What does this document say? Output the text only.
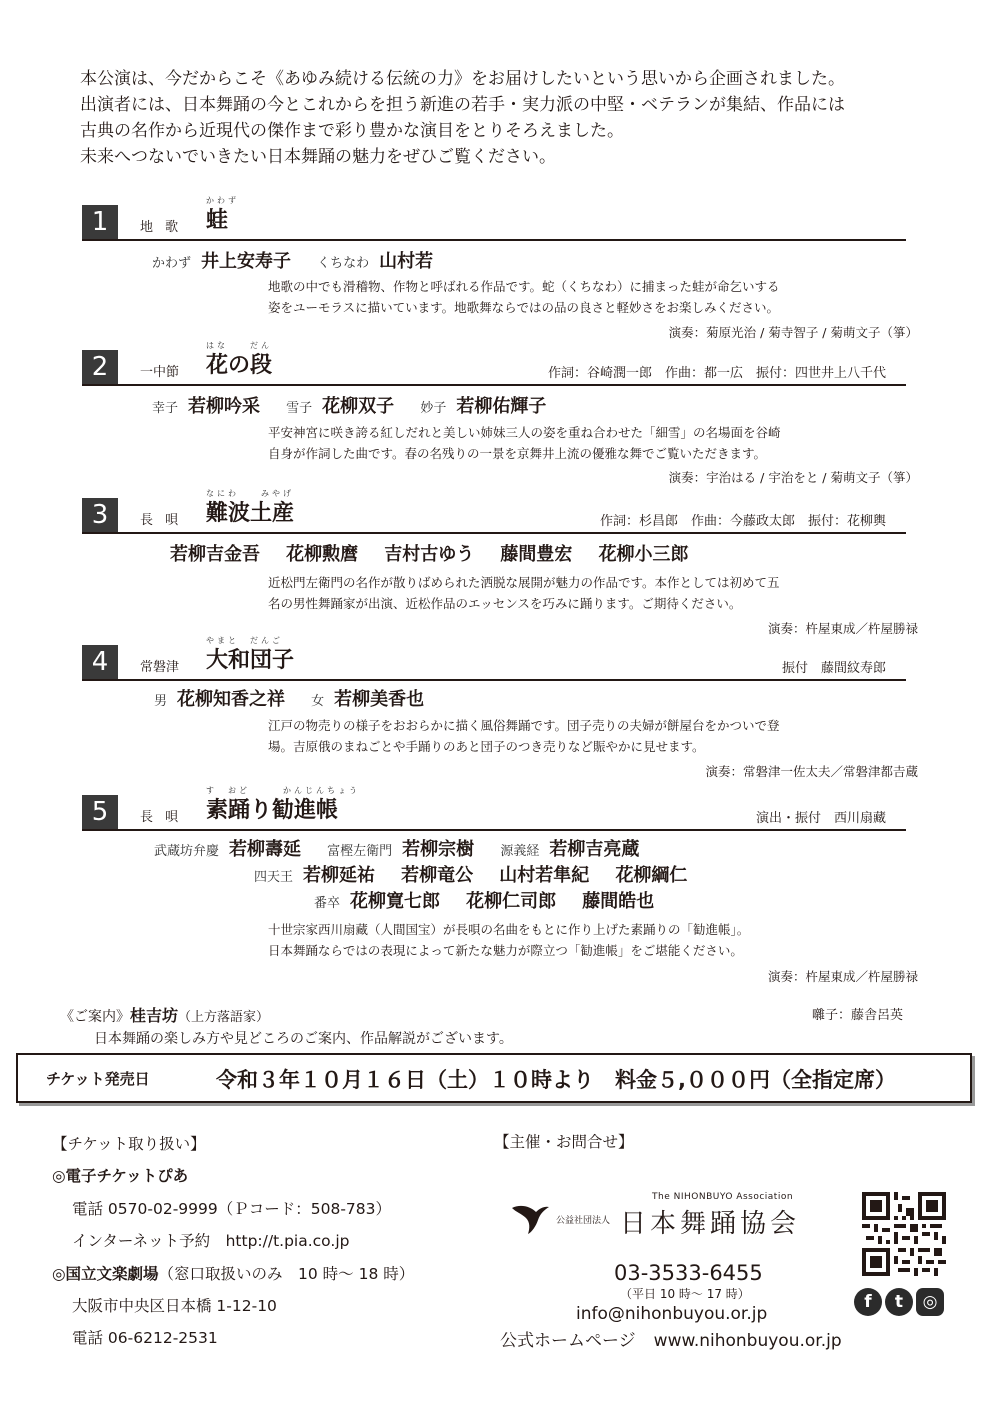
本公演は、今だからこそ《あゆみ続ける伝統の力》をお届けしたいという思いから企画されました。
出演者には、日本舞踊の今とこれからを担う新進の若手・実力派の中堅・ベテランが集結、作品には
古典の名作から近現代の傑作まで彩り豊かな演目をとりそろえました。
未来へつないでいきたい日本舞踊の魅力をぜひご覧ください。
1	地 歌
かわず
蛙
かわず 井上安寿子 くちなわ 山村若
地歌の中でも滑稽物、作物と呼ばれる作品です。蛇（くちなわ）に捕まった蛙が命乞いする
姿をユーモラスに描いています。地歌舞ならではの品の良さと軽妙さをお楽しみください。
演奏：菊原光治 / 菊寺智子 / 菊萌文子（箏）
2	一中節
はな　　だん
花の段	作詞：谷崎潤一郎　作曲：都一広　振付：四世井上八千代
幸子 若柳吟采 雪子 花柳双子 妙子 若柳佑輝子
平安神宮に咲き誇る紅しだれと美しい姉妹三人の姿を重ね合わせた「細雪」の名場面を谷崎
自身が作詞した曲です。春の名残りの一景を京舞井上流の優雅な舞でご覧いただきます。
演奏：宇治はる / 宇治をと / 菊萌文子（箏）
3	長 唄
なにわ　　みやげ
難波土産	作詞：杉昌郎　作曲：今藤政太郎　振付：花柳輿
若柳吉金吾 花柳勲麿 吉村古ゆう 藤間豊宏 花柳小三郎
近松門左衛門の名作が散りばめられた洒脱な展開が魅力の作品です。本作としては初めて五
名の男性舞踊家が出演、近松作品のエッセンスを巧みに踊ります。ご期待ください。
演奏：杵屋東成／杵屋勝禄
4	常磐津
やまと　だんご
大和団子	振付　藤間紋寿郎
男 花柳知香之祥 女 若柳美香也
江戸の物売りの様子をおおらかに描く風俗舞踊です。団子売りの夫婦が餅屋台をかついで登
場。吉原俄のまねごとや手踊りのあと団子のつき売りなど賑やかに見せます。
演奏：常磐津一佐太夫／常磐津都𠮷蔵
5	長 唄
す　おど　　　かんじんちょう
素踊り勧進帳	演出・振付　西川扇藏
武蔵坊弁慶 若柳壽延 富樫左衛門 若柳宗樹 源義経 若柳吉亮蔵
四天王 若柳延祐 若柳竜公 山村若隼紀 花柳綱仁
番卒 花柳寛七郎 花柳仁司郎 藤間皓也
十世宗家西川扇藏（人間国宝）が長唄の名曲をもとに作り上げた素踊りの「勧進帳」。
日本舞踊ならではの表現によって新たな魅力が際立つ「勧進帳」をご堪能ください。
演奏：杵屋東成／杵屋勝禄
《ご案内》桂吉坊（上方落語家）	囃子：藤舎呂英
日本舞踊の楽しみ方や見どころのご案内、作品解説がございます。
チケット発売日	令和３年１０月１６日（土）１０時より　料金５,０００円（全指定席）
【チケット取り扱い】
◎電子チケットぴあ
電話 0570-02-9999（Ｐコード：508-783）
インターネット予約　http://t.pia.co.jp
◎国立文楽劇場（窓口取扱いのみ　10 時～ 18 時）
大阪市中央区日本橋 1-12-10
電話 06-6212-2531
【主催・お問合せ】
The NIHONBUYO Association
公益社団法人 日本舞踊協会
03-3533-6455
（平日 10 時～ 17 時）
info@nihonbuyou.or.jp
公式ホームページ www.nihonbuyou.or.jp
f t ◎
